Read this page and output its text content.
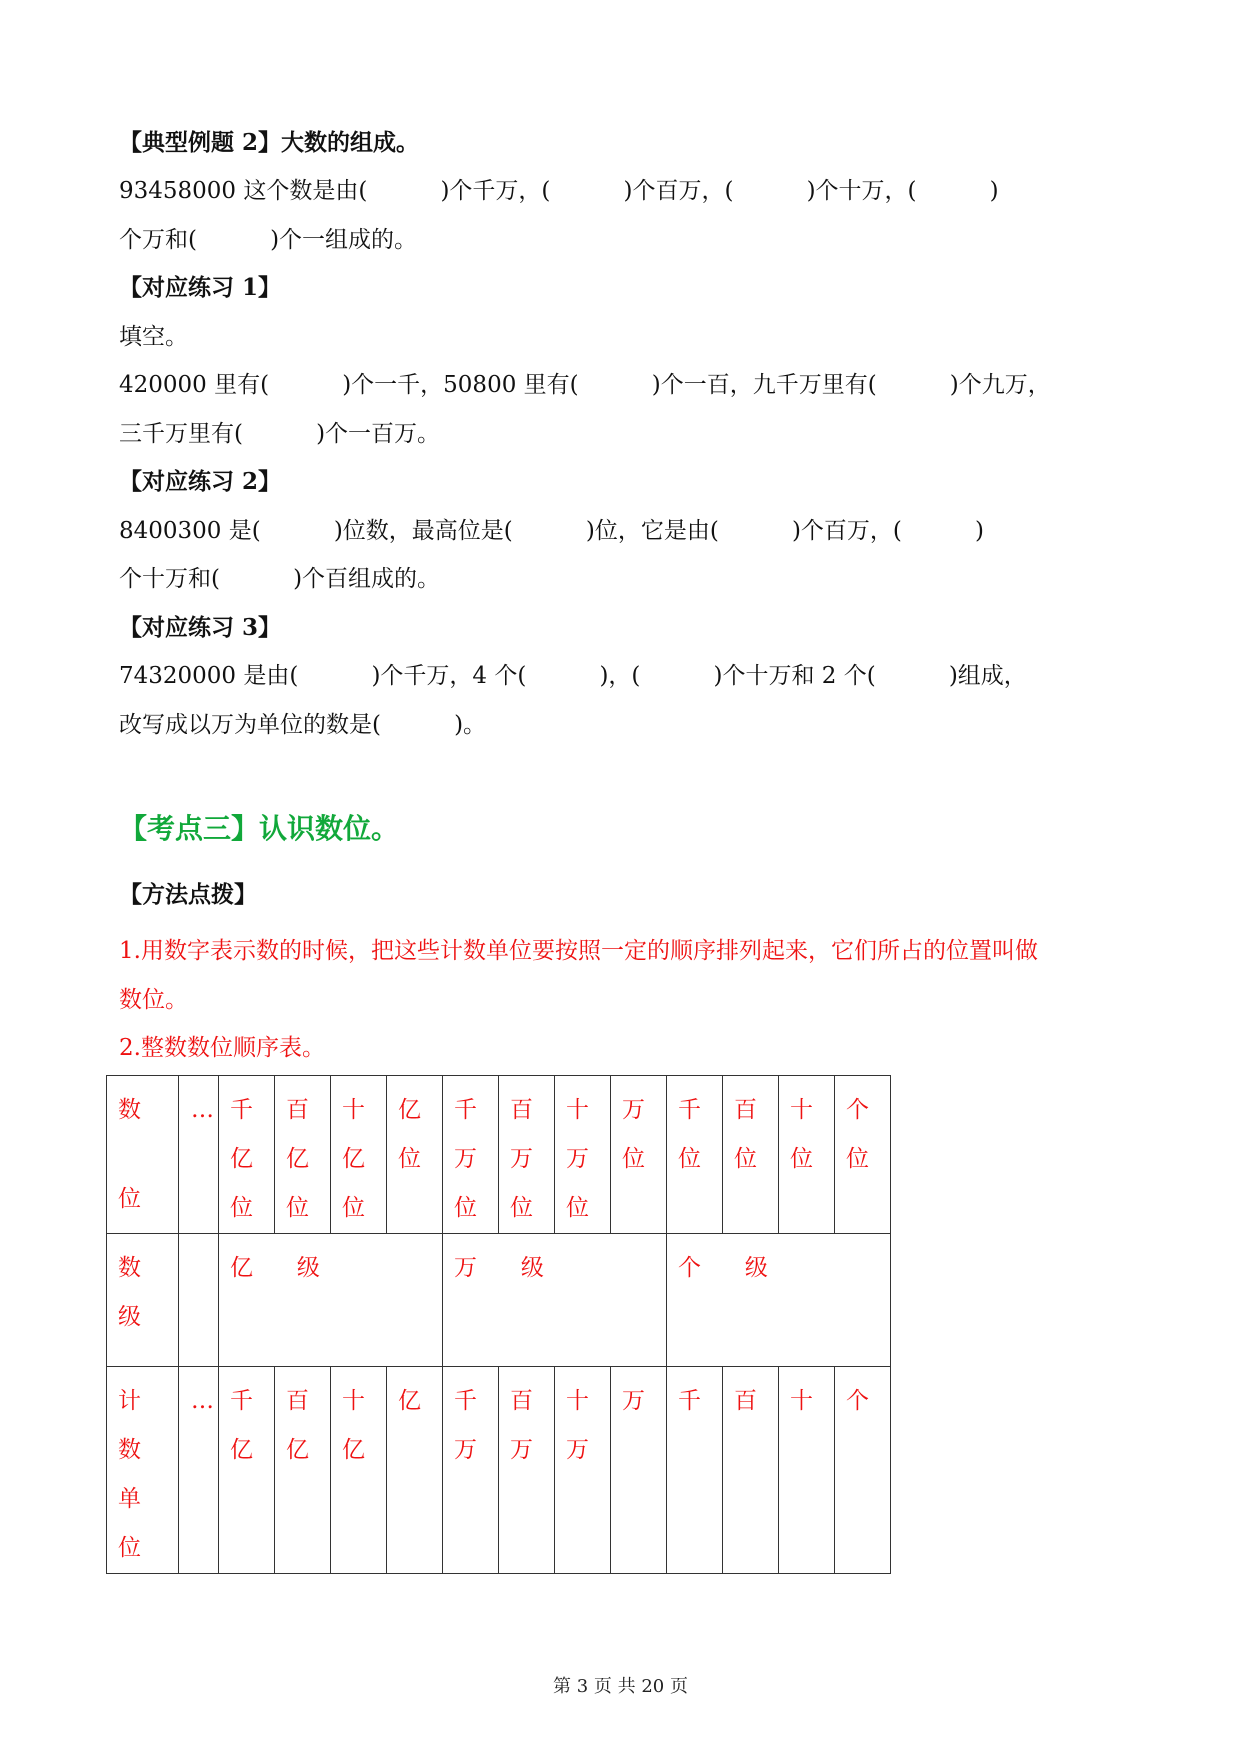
【典型例题 2】大数的组成。
93458000 这个数是由(          )个千万，(          )个百万，(          )个十万，(          )
个万和(          )个一组成的。
【对应练习 1】
填空。
420000 里有(          )个一千，50800 里有(          )个一百，九千万里有(          )个九万，
三千万里有(          )个一百万。
【对应练习 2】
8400300 是(          )位数，最高位是(          )位，它是由(          )个百万，(          )
个十万和(          )个百组成的。
【对应练习 3】
74320000 是由(          )个千万，4 个(          )，(          )个十万和 2 个(          )组成，
改写成以万为单位的数是(          )。
【考点三】认识数位。
【方法点拨】
1.用数字表示数的时候，把这些计数单位要按照一定的顺序排列起来，它们所占的位置叫做
数位。
2.整数数位顺序表。
数
位	…	千
亿
位	百
亿
位	十
亿
位	亿
位	千
万
位	百
万
位	十
万
位	万
位	千
位	百
位	十
位	个
位

数
级		亿      级				万      级				个      级			

计
数
单
位	…	千
亿	百
亿	十
亿	亿	千
万	百
万	十
万	万	千	百	十	个
第 3 页 共 20 页
